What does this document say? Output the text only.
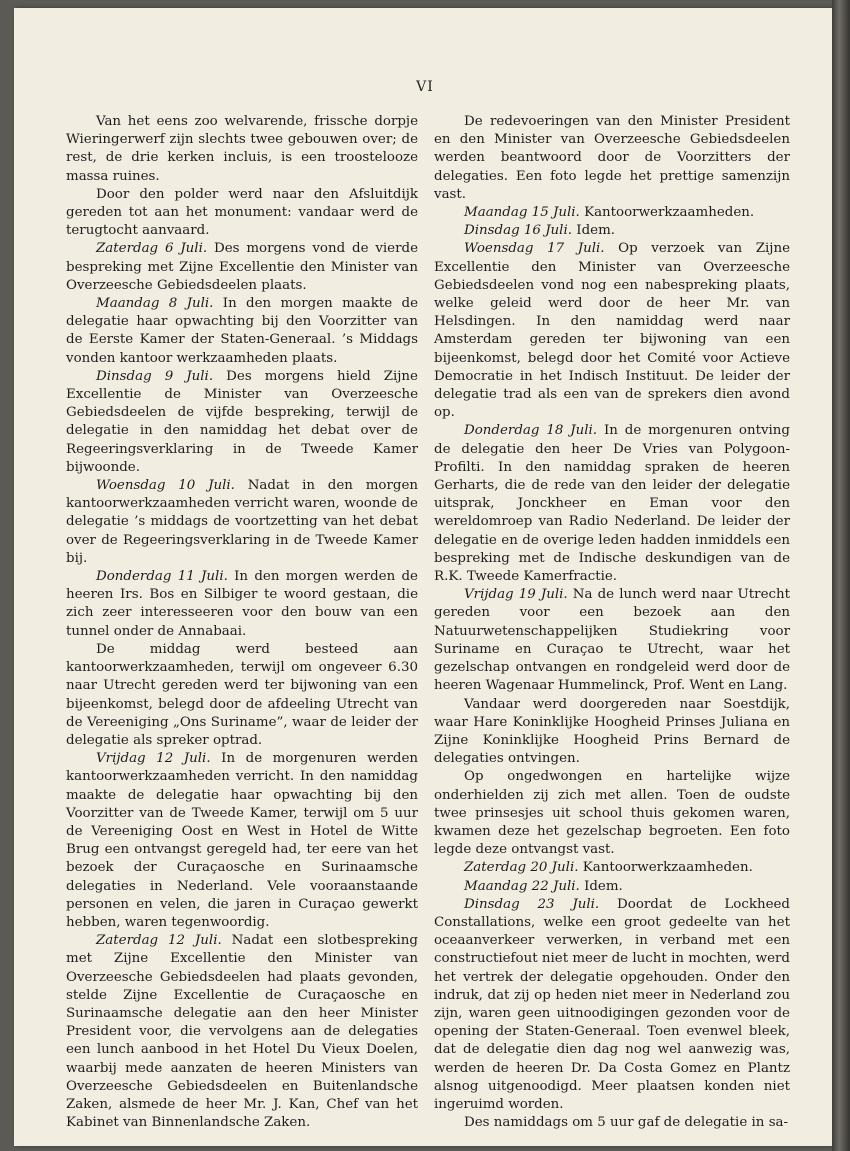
VI

Van het eens zoo welvarende, frissche dorpje Wieringerwerf zijn slechts twee gebouwen over; de rest, de drie kerken incluis, is een troostelooze massa ruines.

Door den polder werd naar den Afsluitdijk gereden tot aan het monument: vandaar werd de terugtocht aanvaard.

Zaterdag 6 Juli. Des morgens vond de vierde bespreking met Zijne Excellentie den Minister van Overzeesche Gebiedsdeelen plaats.

Maandag 8 Juli. In den morgen maakte de delegatie haar opwachting bij den Voorzitter van de Eerste Kamer der Staten-Generaal. ’s Middags vonden kantoor werkzaamheden plaats.

Dinsdag 9 Juli. Des morgens hield Zijne Excellentie de Minister van Overzeesche Gebiedsdeelen de vijfde bespreking, terwijl de delegatie in den namiddag het debat over de Regeeringsverklaring in de Tweede Kamer bijwoonde.

Woensdag 10 Juli. Nadat in den morgen kantoorwerkzaamheden verricht waren, woonde de delegatie ’s middags de voortzetting van het debat over de Regeeringsverklaring in de Tweede Kamer bij.

Donderdag 11 Juli. In den morgen werden de heeren Irs. Bos en Silbiger te woord gestaan, die zich zeer interesseeren voor den bouw van een tunnel onder de Annabaai.

De middag werd besteed aan kantoorwerkzaamheden, terwijl om ongeveer 6.30 naar Utrecht gereden werd ter bijwoning van een bijeenkomst, belegd door de afdeeling Utrecht van de Vereeniging „Ons Suriname”, waar de leider der delegatie als spreker optrad.

Vrijdag 12 Juli. In de morgenuren werden kantoorwerkzaamheden verricht. In den namiddag maakte de delegatie haar opwachting bij den Voorzitter van de Tweede Kamer, terwijl om 5 uur de Vereeniging Oost en West in Hotel de Witte Brug een ontvangst geregeld had, ter eere van het bezoek der Curaçaosche en Surinaamsche delegaties in Nederland. Vele vooraanstaande personen en velen, die jaren in Curaçao gewerkt hebben, waren tegenwoordig.

Zaterdag 12 Juli. Nadat een slotbespreking met Zijne Excellentie den Minister van Overzeesche Gebiedsdeelen had plaats gevonden, stelde Zijne Excellentie de Curaçaosche en Surinaamsche delegatie aan den heer Minister President voor, die vervolgens aan de delegaties een lunch aanbood in het Hotel Du Vieux Doelen, waarbij mede aanzaten de heeren Ministers van Overzeesche Gebiedsdeelen en Buitenlandsche Zaken, alsmede de heer Mr. J. Kan, Chef van het Kabinet van Binnenlandsche Zaken.

De redevoeringen van den Minister President en den Minister van Overzeesche Gebiedsdeelen werden beantwoord door de Voorzitters der delegaties. Een foto legde het prettige samenzijn vast.

Maandag 15 Juli. Kantoorwerkzaamheden.

Dinsdag 16 Juli. Idem.

Woensdag 17 Juli. Op verzoek van Zijne Excellentie den Minister van Overzeesche Gebiedsdeelen vond nog een nabespreking plaats, welke geleid werd door de heer Mr. van Helsdingen. In den namiddag werd naar Amsterdam gereden ter bijwoning van een bijeenkomst, belegd door het Comité voor Actieve Democratie in het Indisch Instituut. De leider der delegatie trad als een van de sprekers dien avond op.

Donderdag 18 Juli. In de morgenuren ontving de delegatie den heer De Vries van Polygoon-Profilti. In den namiddag spraken de heeren Gerharts, die de rede van den leider der delegatie uitsprak, Jonckheer en Eman voor den wereldomroep van Radio Nederland. De leider der delegatie en de overige leden hadden inmiddels een bespreking met de Indische deskundigen van de R.K. Tweede Kamerfractie.

Vrijdag 19 Juli. Na de lunch werd naar Utrecht gereden voor een bezoek aan den Natuurwetenschappelijken Studiekring voor Suriname en Curaçao te Utrecht, waar het gezelschap ontvangen en rondgeleid werd door de heeren Wagenaar Hummelinck, Prof. Went en Lang.

Vandaar werd doorgereden naar Soestdijk, waar Hare Koninklijke Hoogheid Prinses Juliana en Zijne Koninklijke Hoogheid Prins Bernard de delegaties ontvingen.

Op ongedwongen en hartelijke wijze onderhielden zij zich met allen. Toen de oudste twee prinsesjes uit school thuis gekomen waren, kwamen deze het gezelschap begroeten. Een foto legde deze ontvangst vast.

Zaterdag 20 Juli. Kantoorwerkzaamheden.

Maandag 22 Juli. Idem.

Dinsdag 23 Juli. Doordat de Lockheed Constallations, welke een groot gedeelte van het oceaanverkeer verwerken, in verband met een constructiefout niet meer de lucht in mochten, werd het vertrek der delegatie opgehouden. Onder den indruk, dat zij op heden niet meer in Nederland zou zijn, waren geen uitnoodigingen gezonden voor de opening der Staten-Generaal. Toen evenwel bleek, dat de delegatie dien dag nog wel aanwezig was, werden de heeren Dr. Da Costa Gomez en Plantz alsnog uitgenoodigd. Meer plaatsen konden niet ingeruimd worden.

Des namiddags om 5 uur gaf de delegatie in sa-
